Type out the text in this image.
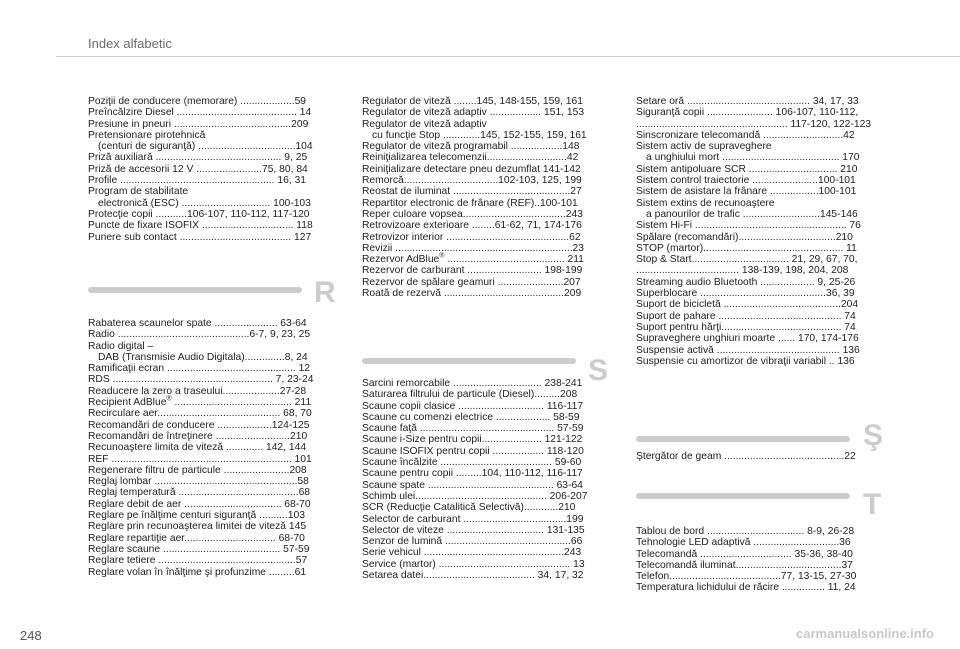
Index alfabetic
Poziţii de conducere (memorare) ...................59
Preîncălzire Diesel .......................................... 14
Presiune in pneuri .........................................209
Pretensionare pirotehnică
(centuri de siguranţă) ..................................104
Priză auxiliară ............................................ 9, 25
Priză de accesorii 12 V .......................75, 80, 84
Profile ...................................................... 16, 31
Program de stabilitate
electronică (ESC) ............................... 100-103
Protecţie copii ...........106-107, 110-112, 117-120
Puncte de fixare ISOFIX ................................ 118
Punere sub contact ....................................... 127
R
Rabaterea scaunelor spate ...................... 63-64
Radio ..............................................6-7, 9, 23, 25
Radio digital –
DAB (Transmisie Audio Digitala)..............8, 24
Ramificaţii ecran ............................................. 12
RDS ........................................................ 7, 23-24
Readucere la zero a traseului....................27-28
Recipient AdBlue® ......................................... 211
Recirculare aer........................................... 68, 70
Recomandări de conducere ...................124-125
Recomandări de întreţinere ..........................210
Recunoaştere limita de viteză ............. 142, 144
REF ............................................................... 101
Regenerare filtru de particule .......................208
Reglaj lombar ..................................................58
Reglaj temperatură ..........................................68
Reglare debit de aer .................................. 68-70
Reglare pe înălţime centuri siguranţă ..........103
Reglare prin recunoaşterea limitei de viteză 145
Reglare repartiţie aer................................ 68-70
Reglare scaune ......................................... 57-59
Reglare tetiere ................................................57
Reglare volan în înălţime şi profunzime .........61
Regulator de viteză ........145, 148-155, 159, 161
Regulator de viteză adaptiv .................. 151, 153
Regulator de viteză adaptiv
cu funcţie Stop .............145, 152-155, 159, 161
Regulator de viteză programabil ..................148
Reiniţializarea telecomenzii............................42
Reiniţializare detectare pneu dezumflat 141-142
Remorcă.................................102-103, 125, 199
Reostat de iluminat .........................................27
Repartitor electronic de frânare (REF)..100-101
Reper culoare vopsea....................................243
Retrovizoare exterioare ........61-62, 71, 174-176
Retrovizor interior ...........................................62
Revizii ..............................................................23
Rezervor AdBlue® ......................................... 211
Rezervor de carburant .......................... 198-199
Rezervor de spălare geamuri .......................207
Roată de rezervă ..........................................209
S
Sarcini remorcabile ............................... 238-241
Saturarea filtrului de particule (Diesel).........208
Scaune copii clasice .............................. 116-117
Scaune cu comenzi electrice ................... 58-59
Scaune faţă ............................................... 57-59
Scaune i-Size pentru copii..................... 121-122
Scaune ISOFIX pentru copii .................. 118-120
Scaune încălzite ....................................... 59-60
Scaune pentru copii .........104, 110-112, 116-117
Scaune spate ............................................ 63-64
Schimb ulei.............................................. 206-207
SCR (Reducţie Catalitică Selectivă)............210
Selector de carburant ....................................199
Selector de viteze .................................. 131-135
Senzor de lumină ............................................66
Serie vehicul .................................................243
Service (martor) .............................................. 13
Setarea datei....................................... 34, 17, 32
Setare oră ........................................... 34, 17, 33
Siguranţă copii ....................... 106-107, 110-112,
..................................................... 117-120, 122-123
Sinscronizare telecomandă ............................42
Sistem activ de supraveghere
a unghiului mort ......................................... 170
Sistem antipoluare SCR ............................... 210
Sistem control traiectorie .......................100-101
Sistem de asistare la frânare .................100-101
Sistem extins de recunoaştere
a panourilor de trafic ...........................145-146
Sistem Hi-Fi ..................................................... 76
Spălare (recomandări)..................................210
STOP (martor)................................................. 11
Stop & Start.................................. 21, 29, 67, 70,
.................................... 138-139, 198, 204, 208
Streaming audio Bluetooth ................... 9, 25-26
Superblocare ............................................36, 39
Suport de bicicletă .........................................204
Suport de pahare ........................................... 74
Suport pentru hărţi.......................................... 74
Supraveghere unghiuri moarte ...... 170, 174-176
Suspensie activă ........................................... 136
Suspensie cu amortizor de vibraţii variabil .. 136
Ş
Ştergător de geam ..........................................22
T
Tablou de bord .................................. 8-9, 26-28
Tehnologie LED adaptivă ..............................36
Telecomandă ................................ 35-36, 38-40
Telecomandă iluminat.....................................37
Telefon.......................................77, 13-15, 27-30
Temperatura lichidului de răcire ............... 11, 24
248	carmanualsonline.info
